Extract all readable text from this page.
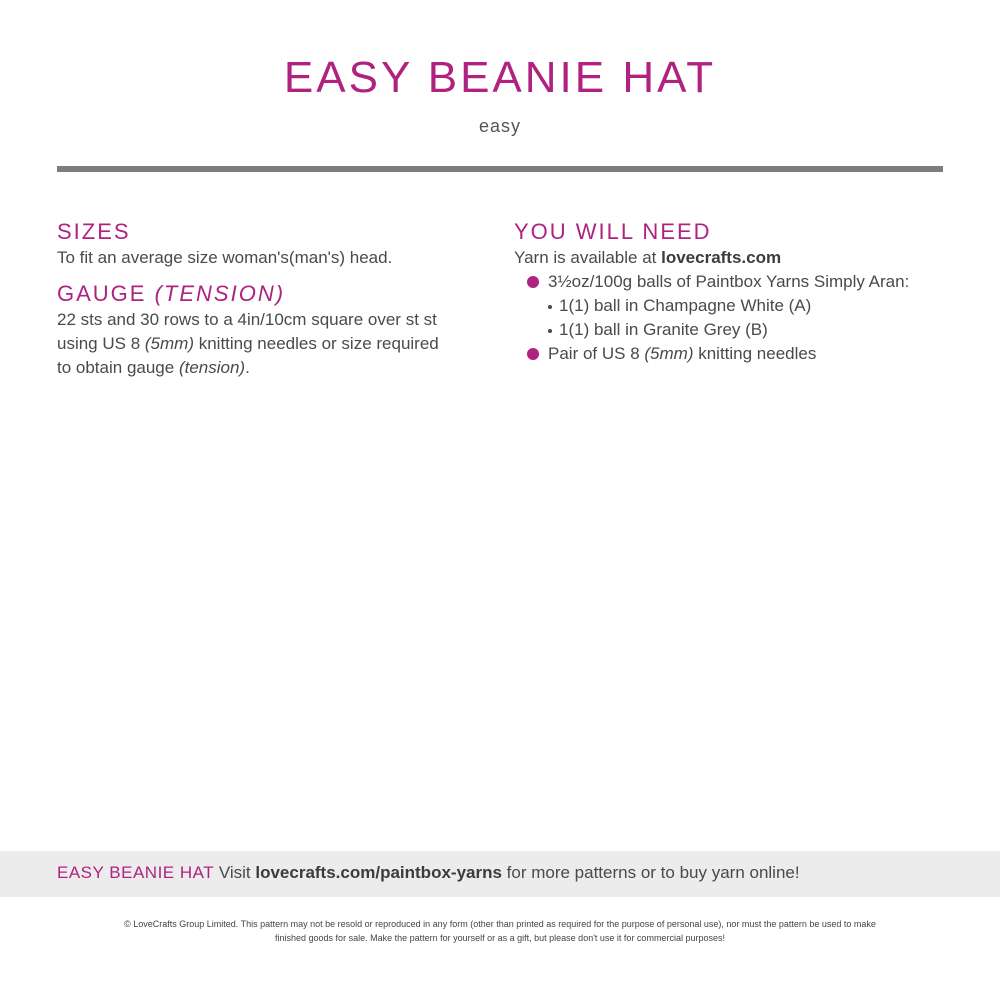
EASY BEANIE HAT
easy
SIZES

To fit an average size woman's(man's) head.

GAUGE (TENSION)

22 sts and 30 rows to a 4in/10cm square over st st
using US 8 (5mm) knitting needles or size required
to obtain gauge (tension).

YOU WILL NEED

Yarn is available at lovecrafts.com

3½oz/100g balls of Paintbox Yarns Simply Aran:
1(1) ball in Champagne White (A)
1(1) ball in Granite Grey (B)
Pair of US 8 (5mm) knitting needles
EASY BEANIE HAT Visit lovecrafts.com/paintbox-yarns for more patterns or to buy yarn online!
© LoveCrafts Group Limited. This pattern may not be resold or reproduced in any form (other than printed as required for the purpose of personal use), nor must the pattern be used to make
finished goods for sale. Make the pattern for yourself or as a gift, but please don't use it for commercial purposes!
